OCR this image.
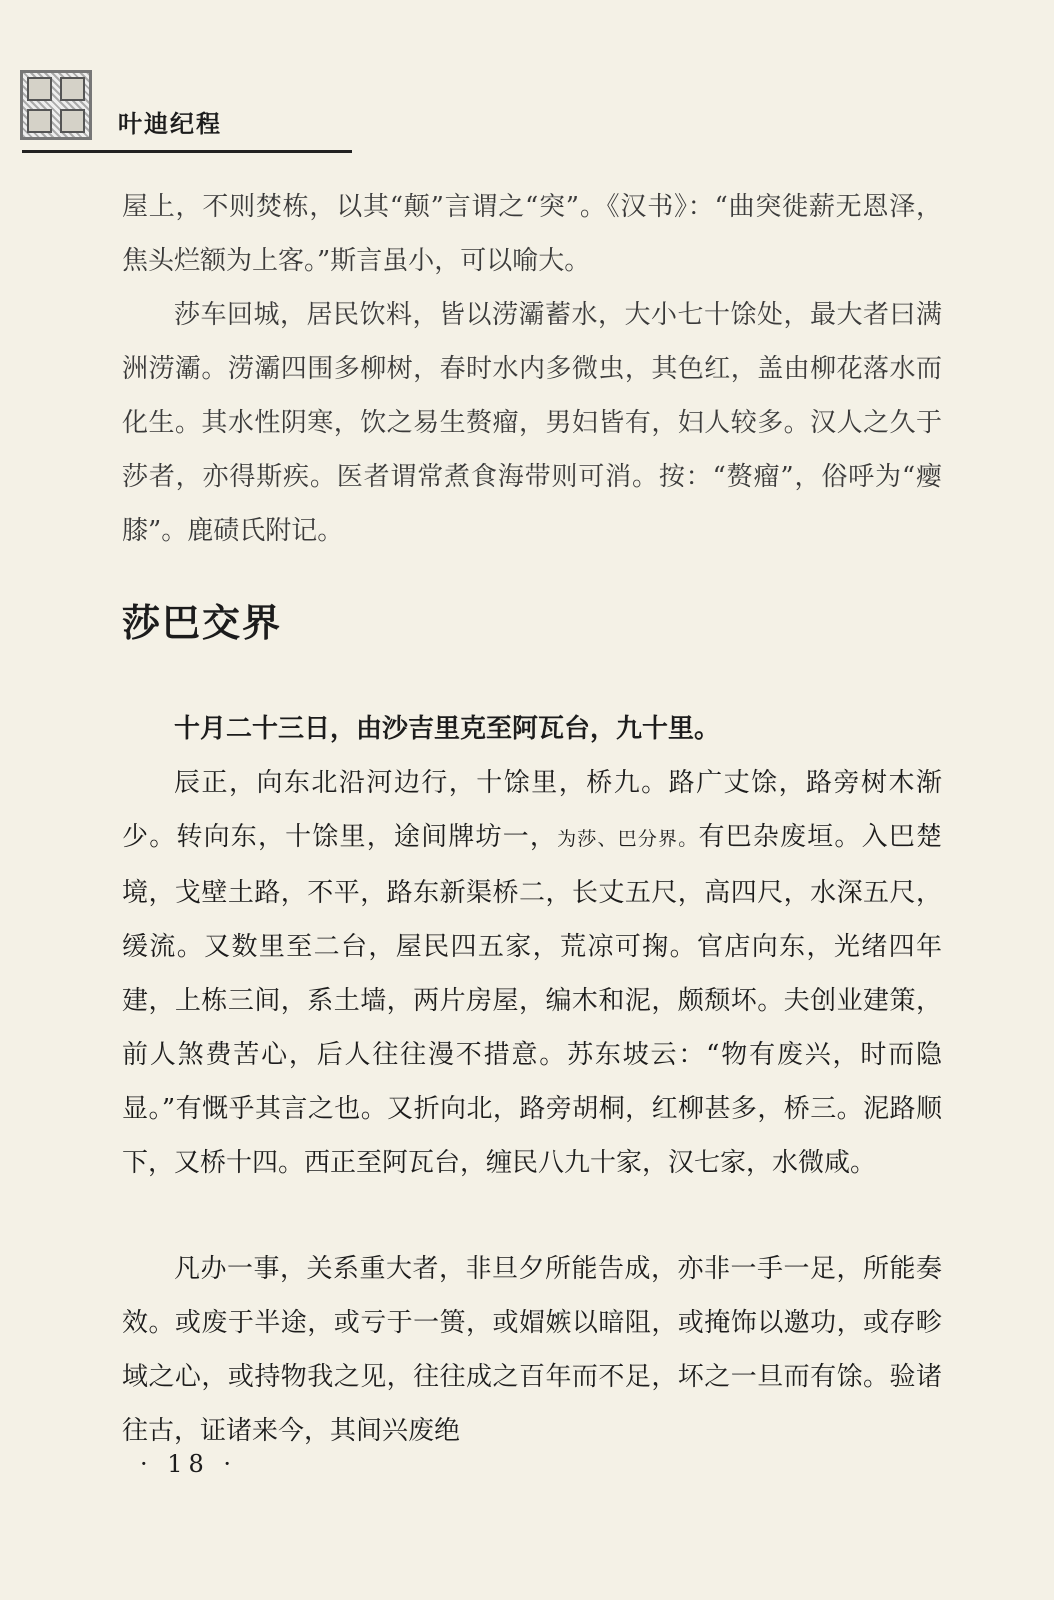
叶迪纪程

屋上，不则焚栋，以其“颠”言谓之“突”。《汉书》：“曲突徙薪无恩泽，焦头烂额为上客。”斯言虽小，可以喻大。

莎车回城，居民饮料，皆以涝灞蓄水，大小七十馀处，最大者曰满洲涝灞。涝灞四围多柳树，春时水内多微虫，其色红，盖由柳花落水而化生。其水性阴寒，饮之易生赘瘤，男妇皆有，妇人较多。汉人之久于莎者，亦得斯疾。医者谓常煮食海带则可消。按：“赘瘤”，俗呼为“瘿膝”。鹿碛氏附记。

莎巴交界

十月二十三日，由沙吉里克至阿瓦台，九十里。

辰正，向东北沿河边行，十馀里，桥九。路广丈馀，路旁树木渐少。转向东，十馀里，途间牌坊一，为莎、巴分界。有巴杂废垣。入巴楚境，戈壁土路，不平，路东新渠桥二，长丈五尺，高四尺，水深五尺，缓流。又数里至二台，屋民四五家，荒凉可掬。官店向东，光绪四年建，上栋三间，系土墙，两片房屋，编木和泥，颇颓坏。夫创业建策，前人煞费苦心，后人往往漫不措意。苏东坡云：“物有废兴，时而隐显。”有慨乎其言之也。又折向北，路旁胡桐，红柳甚多，桥三。泥路顺下，又桥十四。西正至阿瓦台，缠民八九十家，汉七家，水微咸。

凡办一事，关系重大者，非旦夕所能告成，亦非一手一足，所能奏效。或废于半途，或亏于一篑，或媢嫉以暗阻，或掩饰以邀功，或存畛域之心，或持物我之见，往往成之百年而不足，坏之一旦而有馀。验诸往古，证诸来今，其间兴废绝

· 18 ·
